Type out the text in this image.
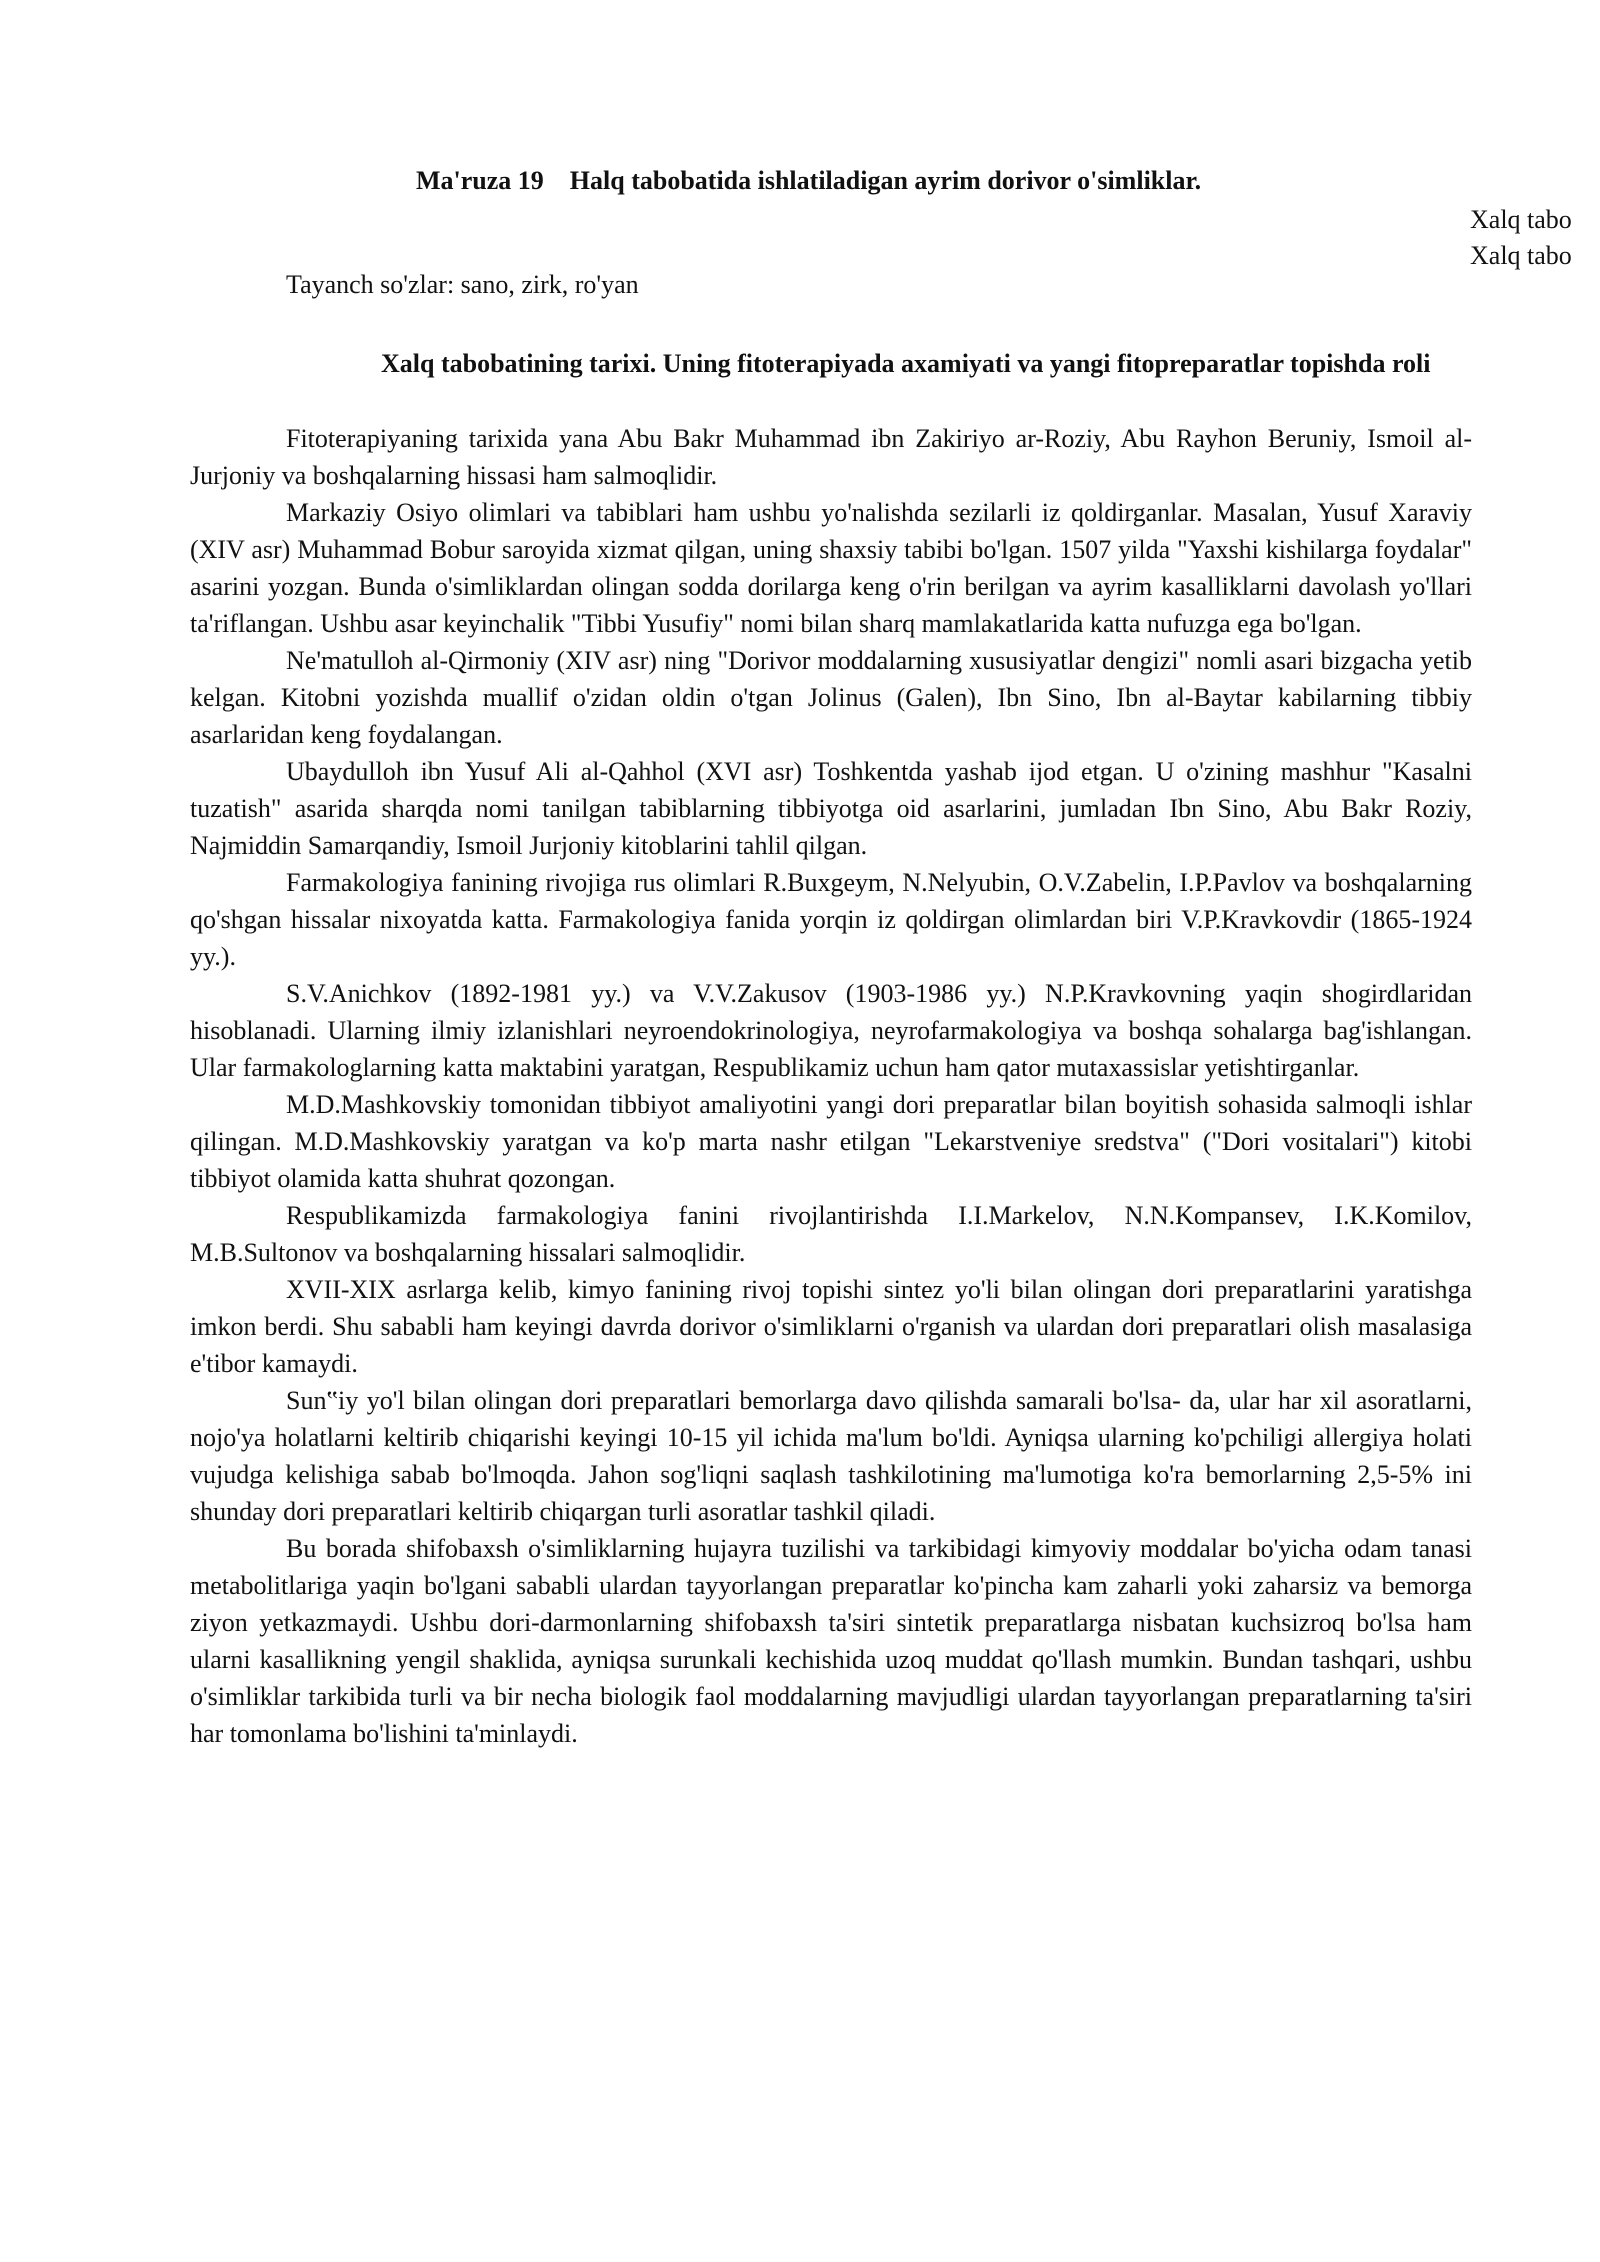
Ma'ruza 19    Halq tabobatida ishlatiladigan ayrim dorivor o'simliklar.
Xalq tabo
Xalq tabo

Tayanch so'zlar: sano, zirk, ro'yan

Xalq tabobatining tarixi. Uning fitoterapiyada axamiyati va yangi fitopreparatlar topishda roli

Fitoterapiyaning tarixida yana Abu Bakr Muhammad ibn Zakiriyo ar-Roziy, Abu Rayhon Beruniy, Ismoil al-Jurjoniy va boshqalarning hissasi ham salmoqlidir.

Markaziy Osiyo olimlari va tabiblari ham ushbu yo'nalishda sezilarli iz qoldirganlar. Masalan, Yusuf Xaraviy (XIV asr) Muhammad Bobur saroyida xizmat qilgan, uning shaxsiy tabibi bo'lgan. 1507 yilda "Yaxshi kishilarga foydalar" asarini yozgan. Bunda o'simliklardan olingan sodda dorilarga keng o'rin berilgan va ayrim kasalliklarni davolash yo'llari ta'riflangan. Ushbu asar keyinchalik "Tibbi Yusufiy" nomi bilan sharq mamlakatlarida katta nufuzga ega bo'lgan.

Ne'matulloh al-Qirmoniy (XIV asr) ning "Dorivor moddalarning xususiyatlar dengizi" nomli asari bizgacha yetib kelgan. Kitobni yozishda muallif o'zidan oldin o'tgan Jolinus (Galen), Ibn Sino, Ibn al-Baytar kabilarning tibbiy asarlaridan keng foydalangan.

Ubaydulloh ibn Yusuf Ali al-Qahhol (XVI asr) Toshkentda yashab ijod etgan. U o'zining mashhur "Kasalni tuzatish" asarida sharqda nomi tanilgan tabiblarning tibbiyotga oid asarlarini, jumladan Ibn Sino, Abu Bakr Roziy, Najmiddin Samarqandiy, Ismoil Jurjoniy kitoblarini tahlil qilgan.

Farmakologiya fanining rivojiga rus olimlari R.Buxgeym, N.Nelyubin, O.V.Zabelin, I.P.Pavlov va boshqalarning qo'shgan hissalar nixoyatda katta. Farmakologiya fanida yorqin iz qoldirgan olimlardan biri V.P.Kravkovdir (1865-1924 yy.).

S.V.Anichkov (1892-1981 yy.) va V.V.Zakusov (1903-1986 yy.) N.P.Kravkovning yaqin shogirdlaridan hisoblanadi. Ularning ilmiy izlanishlari neyroendokrinologiya, neyrofarmakologiya va boshqa sohalarga bag'ishlangan. Ular farmakologlarning katta maktabini yaratgan, Respublikamiz uchun ham qator mutaxassislar yetishtirganlar.

M.D.Mashkovskiy tomonidan tibbiyot amaliyotini yangi dori preparatlar bilan boyitish sohasida salmoqli ishlar qilingan. M.D.Mashkovskiy yaratgan va ko'p marta nashr etilgan "Lekarstveniye sredstva" ("Dori vositalari") kitobi tibbiyot olamida katta shuhrat qozongan.

Respublikamizda farmakologiya fanini rivojlantirishda I.I.Markelov, N.N.Kompansev, I.K.Komilov, M.B.Sultonov va boshqalarning hissalari salmoqlidir.

XVII-XIX asrlarga kelib, kimyo fanining rivoj topishi sintez yo'li bilan olingan dori preparatlarini yaratishga imkon berdi. Shu sababli ham keyingi davrda dorivor o'simliklarni o'rganish va ulardan dori preparatlari olish masalasiga e'tibor kamaydi.

Sun‟iy yo'l bilan olingan dori preparatlari bemorlarga davo qilishda samarali bo'lsa- da, ular har xil asoratlarni, nojo'ya holatlarni keltirib chiqarishi keyingi 10-15 yil ichida ma'lum bo'ldi. Ayniqsa ularning ko'pchiligi allergiya holati vujudga kelishiga sabab bo'lmoqda. Jahon sog'liqni saqlash tashkilotining ma'lumotiga ko'ra bemorlarning 2,5-5% ini shunday dori preparatlari keltirib chiqargan turli asoratlar tashkil qiladi.

Bu borada shifobaxsh o'simliklarning hujayra tuzilishi va tarkibidagi kimyoviy moddalar bo'yicha odam tanasi metabolitlariga yaqin bo'lgani sababli ulardan tayyorlangan preparatlar ko'pincha kam zaharli yoki zaharsiz va bemorga ziyon yetkazmaydi. Ushbu dori-darmonlarning shifobaxsh ta'siri sintetik preparatlarga nisbatan kuchsizroq bo'lsa ham ularni kasallikning yengil shaklida, ayniqsa surunkali kechishida uzoq muddat qo'llash mumkin. Bundan tashqari, ushbu o'simliklar tarkibida turli va bir necha biologik faol moddalarning mavjudligi ulardan tayyorlangan preparatlarning ta'siri har tomonlama bo'lishini ta'minlaydi.
